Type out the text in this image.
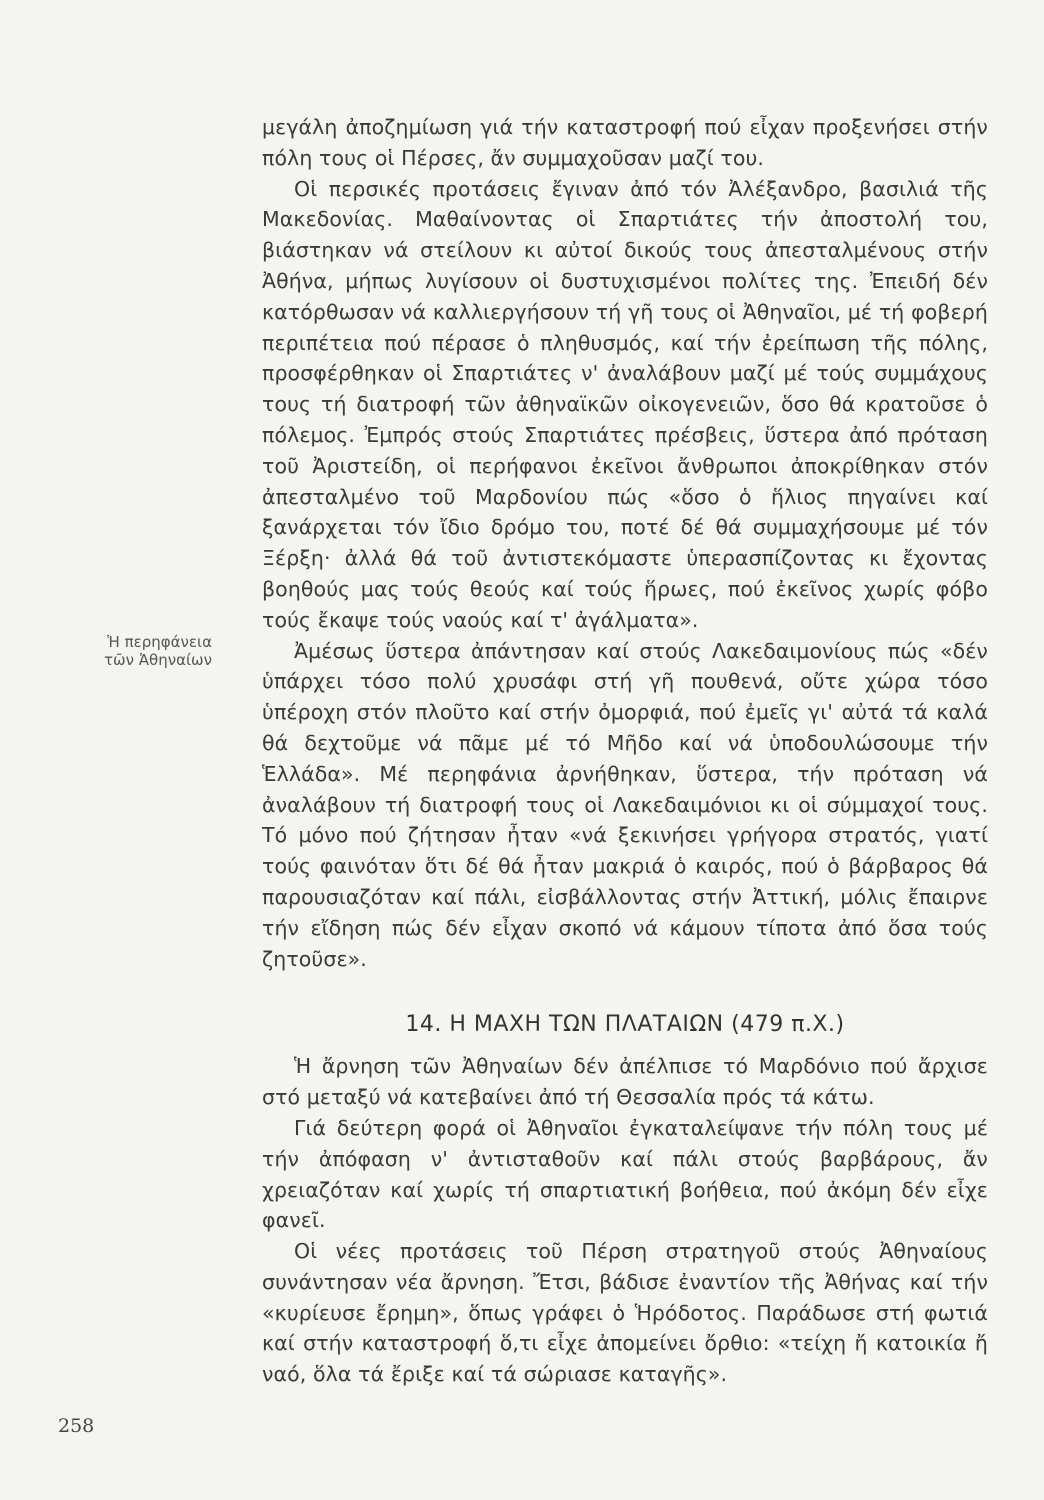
Ἡ περηφάνεια
τῶν Ἀθηναίων

μεγάλη ἀποζημίωση γιά τήν καταστροφή πού εἶχαν προξενήσει στήν πόλη τους οἱ Πέρσες, ἄν συμμαχοῦσαν μαζί του.

Οἱ περσικές προτάσεις ἔγιναν ἀπό τόν Ἀλέξανδρο, βασιλιά τῆς Μακεδονίας. Μαθαίνοντας οἱ Σπαρτιάτες τήν ἀποστολή του, βιάστηκαν νά στείλουν κι αὐτοί δικούς τους ἀπεσταλμένους στήν Ἀθήνα, μήπως λυγίσουν οἱ δυστυχισμένοι πολίτες της. Ἐπειδή δέν κατόρθωσαν νά καλλιεργήσουν τή γῆ τους οἱ Ἀθηναῖοι, μέ τή φοβερή περιπέτεια πού πέρασε ὁ πληθυσμός, καί τήν ἐρείπωση τῆς πόλης, προσφέρθηκαν οἱ Σπαρτιάτες ν' ἀναλάβουν μαζί μέ τούς συμμάχους τους τή διατροφή τῶν ἀθηναϊκῶν οἰκογενειῶν, ὅσο θά κρατοῦσε ὁ πόλεμος. Ἐμπρός στούς Σπαρτιάτες πρέσβεις, ὕστερα ἀπό πρόταση τοῦ Ἀριστείδη, οἱ περήφανοι ἐκεῖνοι ἄνθρωποι ἀποκρίθηκαν στόν ἀπεσταλμένο τοῦ Μαρδονίου πώς «ὅσο ὁ ἥλιος πηγαίνει καί ξανάρχεται τόν ἴδιο δρόμο του, ποτέ δέ θά συμμαχήσουμε μέ τόν Ξέρξη· ἀλλά θά τοῦ ἀντιστεκόμαστε ὑπερασπίζοντας κι ἔχοντας βοηθούς μας τούς θεούς καί τούς ἥρωες, πού ἐκεῖνος χωρίς φόβο τούς ἔκαψε τούς ναούς καί τ' ἀγάλματα».

Ἀμέσως ὕστερα ἀπάντησαν καί στούς Λακεδαιμονίους πώς «δέν ὑπάρχει τόσο πολύ χρυσάφι στή γῆ πουθενά, οὔτε χώρα τόσο ὑπέροχη στόν πλοῦτο καί στήν ὀμορφιά, πού ἐμεῖς γι' αὐτά τά καλά θά δεχτοῦμε νά πᾶμε μέ τό Μῆδο καί νά ὑποδουλώσουμε τήν Ἑλλάδα». Μέ περηφάνια ἀρνήθηκαν, ὕστερα, τήν πρόταση νά ἀναλάβουν τή διατροφή τους οἱ Λακεδαιμόνιοι κι οἱ σύμμαχοί τους. Τό μόνο πού ζήτησαν ἦταν «νά ξεκινήσει γρήγορα στρατός, γιατί τούς φαινόταν ὅτι δέ θά ἦταν μακριά ὁ καιρός, πού ὁ βάρβαρος θά παρουσιαζόταν καί πάλι, εἰσβάλλοντας στήν Ἀττική, μόλις ἔπαιρνε τήν εἴδηση πώς δέν εἶχαν σκοπό νά κάμουν τίποτα ἀπό ὅσα τούς ζητοῦσε».

14. Η ΜΑΧΗ ΤΩΝ ΠΛΑΤΑΙΩΝ (479 π.Χ.)

Ἡ ἄρνηση τῶν Ἀθηναίων δέν ἀπέλπισε τό Μαρδόνιο πού ἄρχισε στό μεταξύ νά κατεβαίνει ἀπό τή Θεσσαλία πρός τά κάτω.

Γιά δεύτερη φορά οἱ Ἀθηναῖοι ἐγκαταλείψανε τήν πόλη τους μέ τήν ἀπόφαση ν' ἀντισταθοῦν καί πάλι στούς βαρβάρους, ἄν χρειαζόταν καί χωρίς τή σπαρτιατική βοήθεια, πού ἀκόμη δέν εἶχε φανεῖ.

Οἱ νέες προτάσεις τοῦ Πέρση στρατηγοῦ στούς Ἀθηναίους συνάντησαν νέα ἄρνηση. Ἔτσι, βάδισε ἐναντίον τῆς Ἀθήνας καί τήν «κυρίευσε ἔρημη», ὅπως γράφει ὁ Ἡρόδοτος. Παράδωσε στή φωτιά καί στήν καταστροφή ὅ,τι εἶχε ἀπομείνει ὄρθιο: «τείχη ἤ κατοικία ἤ ναό, ὅλα τά ἔριξε καί τά σώριασε καταγῆς».

258
